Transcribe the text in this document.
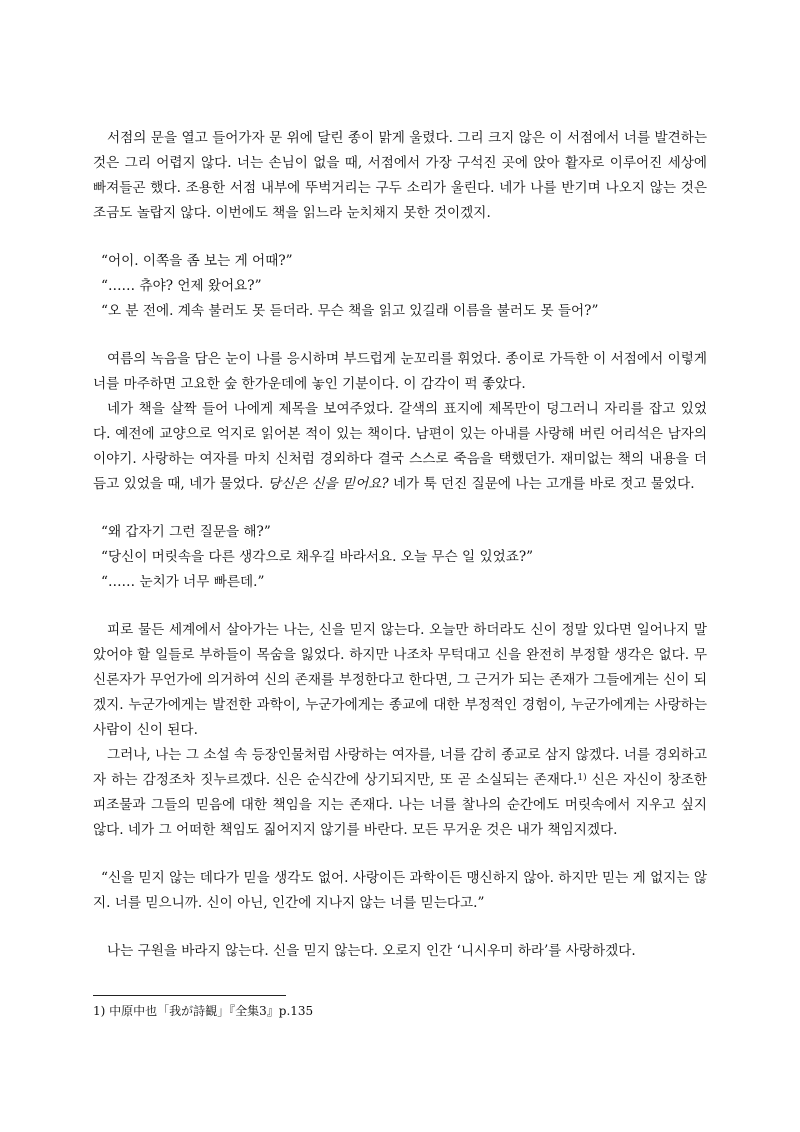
서점의 문을 열고 들어가자 문 위에 달린 종이 맑게 울렸다. 그리 크지 않은 이 서점에서 너를 발견하는 것은 그리 어렵지 않다. 너는 손님이 없을 때, 서점에서 가장 구석진 곳에 앉아 활자로 이루어진 세상에 빠져들곤 했다. 조용한 서점 내부에 뚜벅거리는 구두 소리가 울린다. 네가 나를 반기며 나오지 않는 것은 조금도 놀랍지 않다. 이번에도 책을 읽느라 눈치채지 못한 것이겠지.

“어이. 이쪽을 좀 보는 게 어때?”

“…… 츄야? 언제 왔어요?”

“오 분 전에. 계속 불러도 못 듣더라. 무슨 책을 읽고 있길래 이름을 불러도 못 들어?”

여름의 녹음을 담은 눈이 나를 응시하며 부드럽게 눈꼬리를 휘었다. 종이로 가득한 이 서점에서 이렇게 너를 마주하면 고요한 숲 한가운데에 놓인 기분이다. 이 감각이 퍽 좋았다.

네가 책을 살짝 들어 나에게 제목을 보여주었다. 갈색의 표지에 제목만이 덩그러니 자리를 잡고 있었다. 예전에 교양으로 억지로 읽어본 적이 있는 책이다. 남편이 있는 아내를 사랑해 버린 어리석은 남자의 이야기. 사랑하는 여자를 마치 신처럼 경외하다 결국 스스로 죽음을 택했던가. 재미없는 책의 내용을 더듬고 있었을 때, 네가 물었다. 당신은 신을 믿어요? 네가 툭 던진 질문에 나는 고개를 바로 젓고 물었다.

“왜 갑자기 그런 질문을 해?”

“당신이 머릿속을 다른 생각으로 채우길 바라서요. 오늘 무슨 일 있었죠?”

“…… 눈치가 너무 빠른데.”

피로 물든 세계에서 살아가는 나는, 신을 믿지 않는다. 오늘만 하더라도 신이 정말 있다면 일어나지 말았어야 할 일들로 부하들이 목숨을 잃었다. 하지만 나조차 무턱대고 신을 완전히 부정할 생각은 없다. 무신론자가 무언가에 의거하여 신의 존재를 부정한다고 한다면, 그 근거가 되는 존재가 그들에게는 신이 되겠지. 누군가에게는 발전한 과학이, 누군가에게는 종교에 대한 부정적인 경험이, 누군가에게는 사랑하는 사람이 신이 된다.

그러나, 나는 그 소설 속 등장인물처럼 사랑하는 여자를, 너를 감히 종교로 삼지 않겠다. 너를 경외하고자 하는 감정조차 짓누르겠다. 신은 순식간에 상기되지만, 또 곧 소실되는 존재다.$^{1)}$ 신은 자신이 창조한 피조물과 그들의 믿음에 대한 책임을 지는 존재다. 나는 너를 찰나의 순간에도 머릿속에서 지우고 싶지 않다. 네가 그 어떠한 책임도 짊어지지 않기를 바란다. 모든 무거운 것은 내가 책임지겠다.

“신을 믿지 않는 데다가 믿을 생각도 없어. 사랑이든 과학이든 맹신하지 않아. 하지만 믿는 게 없지는 않지. 너를 믿으니까. 신이 아닌, 인간에 지나지 않는 너를 믿는다고.”

나는 구원을 바라지 않는다. 신을 믿지 않는다. 오로지 인간 ‘니시우미 하라’를 사랑하겠다.

1) 中原中也「我が詩観」『全集3』p.135
